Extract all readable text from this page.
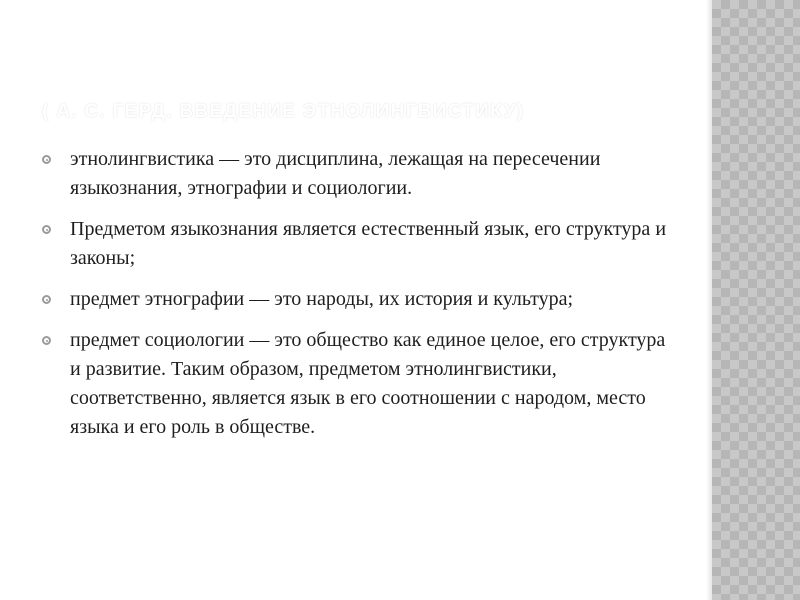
( А. С. ГЕРД. ВВЕДЕНИЕ ЭТНОЛИНГВИСТИКУ)
этнолингвистика — это дисциплина, лежащая на пересечении языкознания, этнографии и социологии.
Предметом языкознания является естественный язык, его структура и законы;
предмет этнографии — это народы, их история и культура;
предмет социологии — это общество как единое целое, его структура и развитие. Таким образом, предметом этнолингвистики, соответственно, является язык в его соотношении с народом, место языка и его роль в обществе.
